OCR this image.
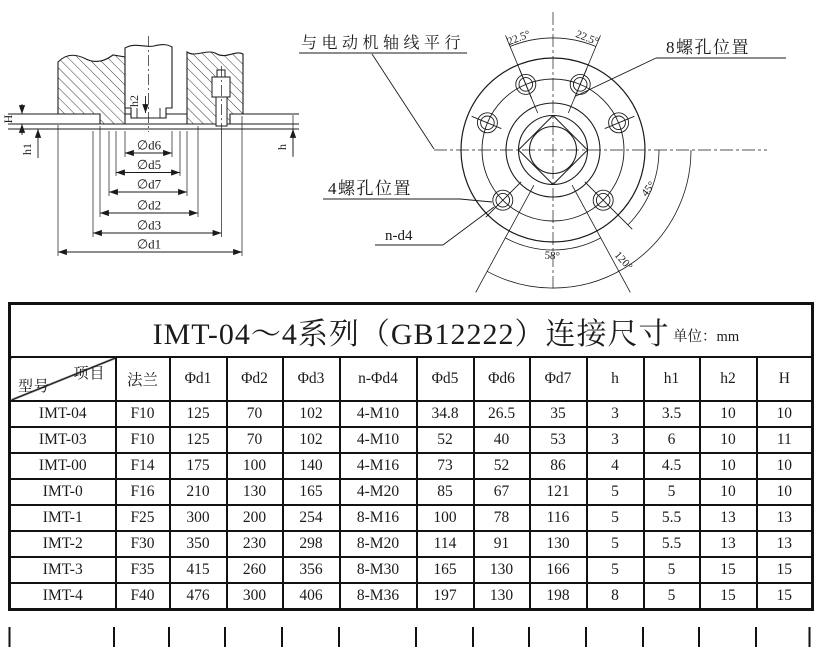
∅d6
∅d5
∅d7
∅d2
∅d3
∅d1
H
h1
h2
h
22.5°	22.5°
45°
58°	120°
与电动机轴线平行	8螺孔位置
4螺孔位置
n-d4
IMT-04～4系列（GB12222）连接尺寸 单位：mm												

项目
型号	法兰	Φd1	Φd2	Φd3	n-Φd4	Φd5	Φd6	Φd7	h	h1	h2	H
IMT-04	F10	125	70	102	4-M10	34.8	26.5	35	3	3.5	10	10
IMT-03	F10	125	70	102	4-M10	52	40	53	3	6	10	11
IMT-00	F14	175	100	140	4-M16	73	52	86	4	4.5	10	10
IMT-0	F16	210	130	165	4-M20	85	67	121	5	5	10	10
IMT-1	F25	300	200	254	8-M16	100	78	116	5	5.5	13	13
IMT-2	F30	350	230	298	8-M20	114	91	130	5	5.5	13	13
IMT-3	F35	415	260	356	8-M30	165	130	166	5	5	15	15
IMT-4	F40	476	300	406	8-M36	197	130	198	8	5	15	15
